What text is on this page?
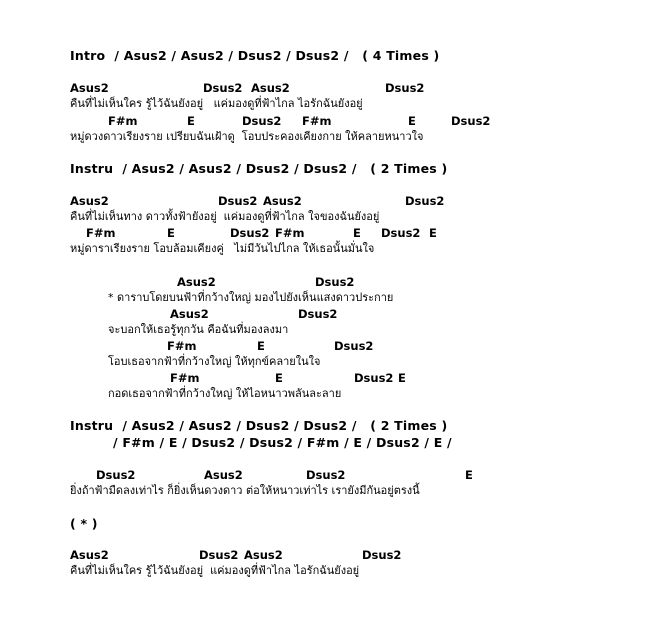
Intro  / Asus2 / Asus2 / Dsus2 / Dsus2 /   ( 4 Times )
Asus2	Dsus2 Asus2	Dsus2
คืนที่ไม่เห็นใคร รู้ไว้ฉันยังอยู่   แค่มองดูที่ฟ้าไกล ไอรักฉันยังอยู่
F#m	E	Dsus2 F#m	E	Dsus2
หมู่ดวงดาวเรียงราย เปรียบฉันเฝ้าดู  โอบประคองเคียงกาย ให้คลายหนาวใจ
Instru  / Asus2 / Asus2 / Dsus2 / Dsus2 /   ( 2 Times )
Asus2	Dsus2 Asus2	Dsus2
คืนที่ไม่เห็นทาง ดาวทั้งฟ้ายังอยู่  แค่มองดูที่ฟ้าไกล ใจของฉันยังอยู่
F#m	E	Dsus2 F#m	E Dsus2 E
หมู่ดาราเรียงราย โอบล้อมเคียงคู่   ไม่มีวันไปไกล ให้เธอนั้นมั่นใจ
Asus2	Dsus2
* ดาราบโดยบนฟ้าที่กว้างใหญ่ มองไปยังเห็นแสงดาวประกาย
Asus2	Dsus2
จะบอกให้เธอรู้ทุกวัน คือฉันที่มองลงมา
F#m	E	Dsus2
โอบเธอจากฟ้าที่กว้างใหญ่ ให้ทุกข์คลายในใจ
F#m	E	Dsus2 E
กอดเธอจากฟ้าที่กว้างใหญ่ ให้ไอหนาวพลันละลาย
Instru  / Asus2 / Asus2 / Dsus2 / Dsus2 /   ( 2 Times )
/ F#m / E / Dsus2 / Dsus2 / F#m / E / Dsus2 / E /
Dsus2	Asus2	Dsus2	E
ยิ่งถ้าฟ้ามืดลงเท่าไร ก็ยิ่งเห็นดวงดาว ต่อให้หนาวเท่าไร เรายังมีกันอยู่ตรงนี้
( * )
Asus2	Dsus2 Asus2	Dsus2
คืนที่ไม่เห็นใคร รู้ไว้ฉันยังอยู่  แค่มองดูที่ฟ้าไกล ไอรักฉันยังอยู่
